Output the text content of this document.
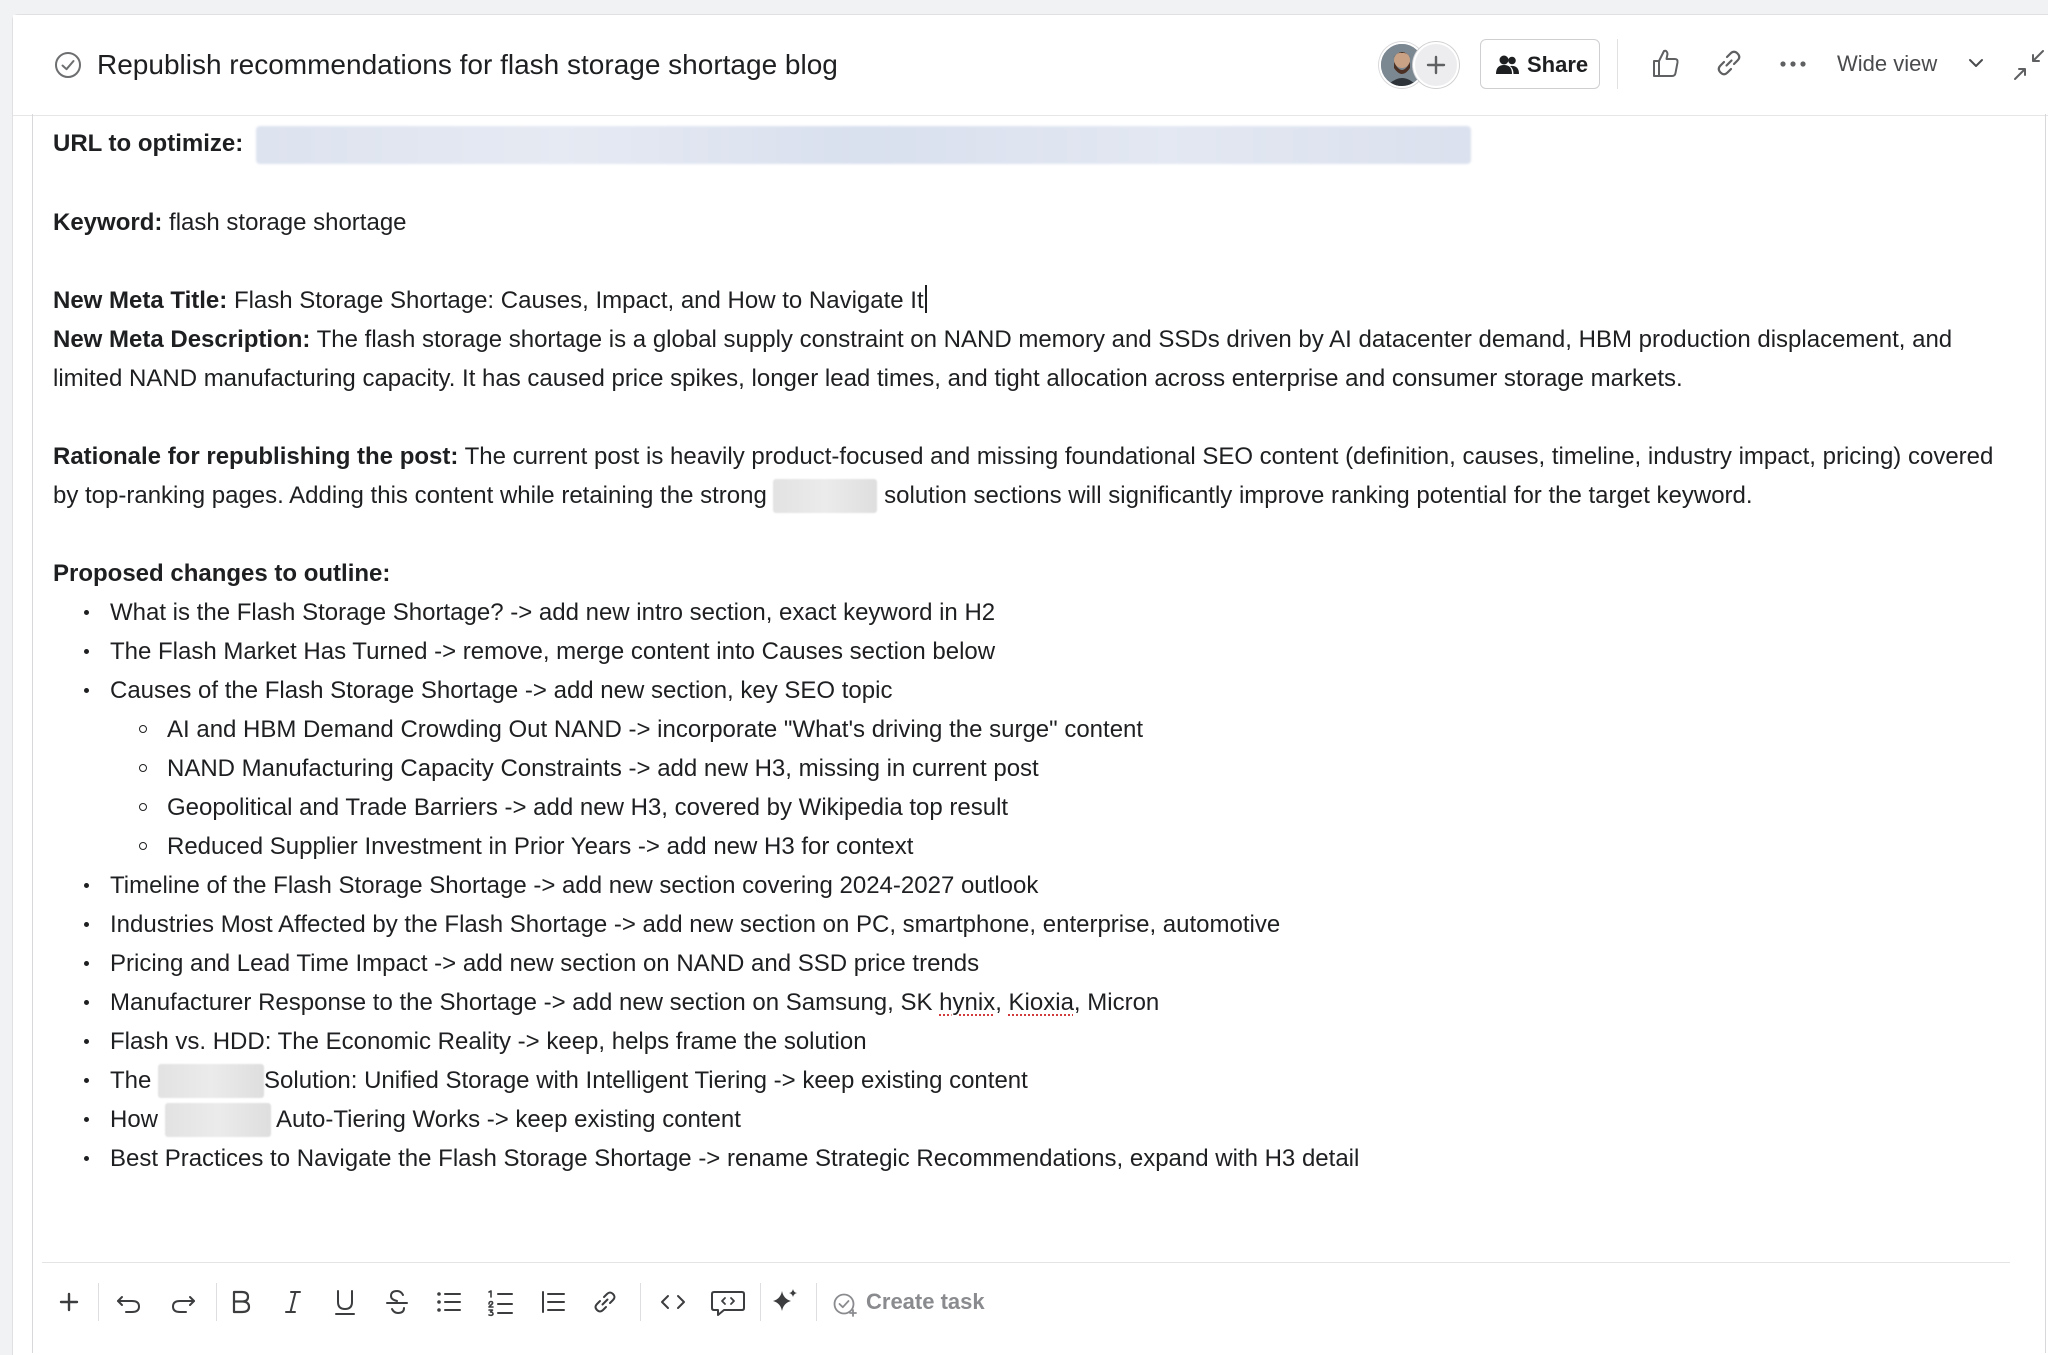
Republish recommendations for flash storage shortage blog	Share	Wide view

URL to optimize:

Keyword: flash storage shortage

New Meta Title: Flash Storage Shortage: Causes, Impact, and How to Navigate It

New Meta Description: The flash storage shortage is a global supply constraint on NAND memory and SSDs driven by AI datacenter demand, HBM production displacement, and limited NAND manufacturing capacity. It has caused price spikes, longer lead times, and tight allocation across enterprise and consumer storage markets.

Rationale for republishing the post: The current post is heavily product-focused and missing foundational SEO content (definition, causes, timeline, industry impact, pricing) covered by top-ranking pages. Adding this content while retaining the strong	solution sections will significantly improve ranking potential for the target keyword.

Proposed changes to outline:

What is the Flash Storage Shortage? -> add new intro section, exact keyword in H2
The Flash Market Has Turned -> remove, merge content into Causes section below
Causes of the Flash Storage Shortage -> add new section, key SEO topic
AI and HBM Demand Crowding Out NAND -> incorporate "What's driving the surge" content
NAND Manufacturing Capacity Constraints -> add new H3, missing in current post
Geopolitical and Trade Barriers -> add new H3, covered by Wikipedia top result
Reduced Supplier Investment in Prior Years -> add new H3 for context
Timeline of the Flash Storage Shortage -> add new section covering 2024-2027 outlook
Industries Most Affected by the Flash Shortage -> add new section on PC, smartphone, enterprise, automotive
Pricing and Lead Time Impact -> add new section on NAND and SSD price trends
Manufacturer Response to the Shortage -> add new section on Samsung, SK hynix, Kioxia, Micron
Flash vs. HDD: The Economic Reality -> keep, helps frame the solution
The	Solution: Unified Storage with Intelligent Tiering -> keep existing content
How	Auto-Tiering Works -> keep existing content
Best Practices to Navigate the Flash Storage Shortage -> rename Strategic Recommendations, expand with H3 detail
Create task
